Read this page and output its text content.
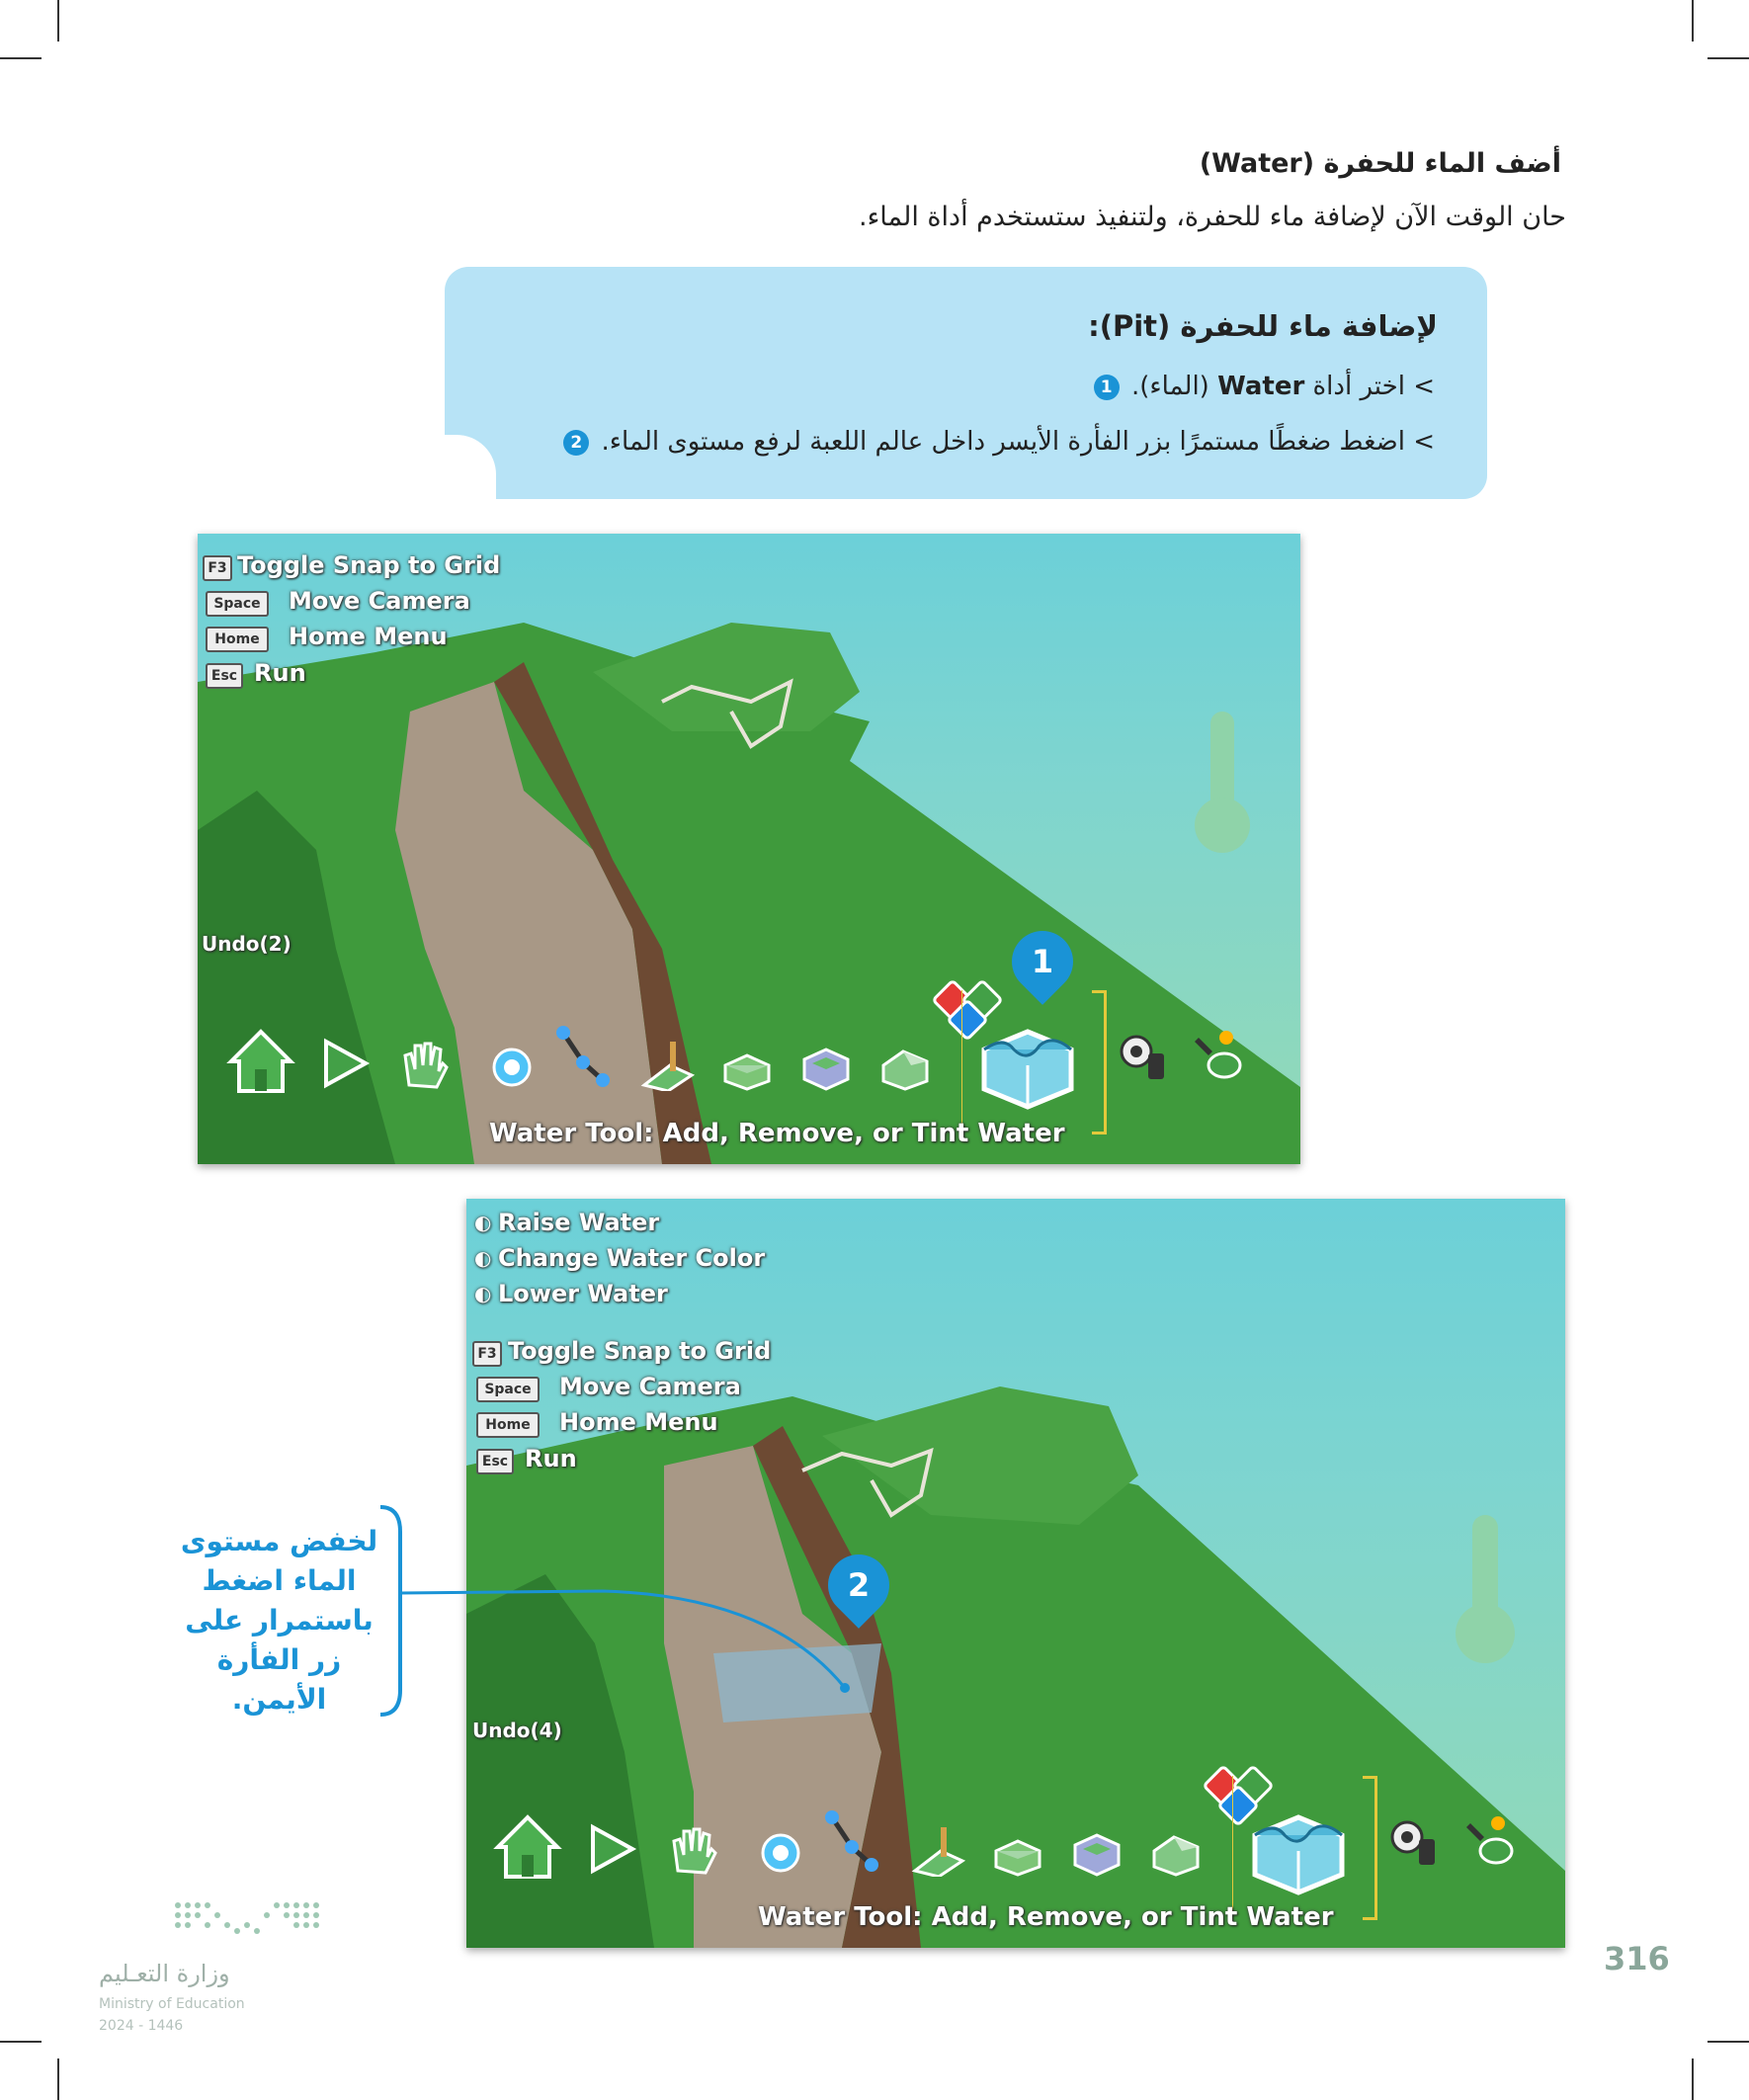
أضف الماء للحفرة (Water)
حان الوقت الآن لإضافة ماء للحفرة، ولتنفيذ ستستخدم أداة الماء.
لإضافة ماء للحفرة (Pit):
> اختر أداة Water (الماء). 1
> اضغط ضغطًا مستمرًا بزر الفأرة الأيسر داخل عالم اللعبة لرفع مستوى الماء. 2
F3 Toggle Snap to Grid
Space	Move Camera
Home	Home Menu
Esc Run
Undo(2)	1
Water Tool: Add, Remove, or Tint Water
◐ Raise Water
◐ Change Water Color
◐ Lower Water
F3 Toggle Snap to Grid
Space	Move Camera
Home	Home Menu
Esc Run
Undo(4)
2
Water Tool: Add, Remove, or Tint Water
لخفض مستوى الماء اضغط باستمرار على زر الفأرة الأيمن.
وزارة التعـليم
Ministry of Education
2024 - 1446
316
